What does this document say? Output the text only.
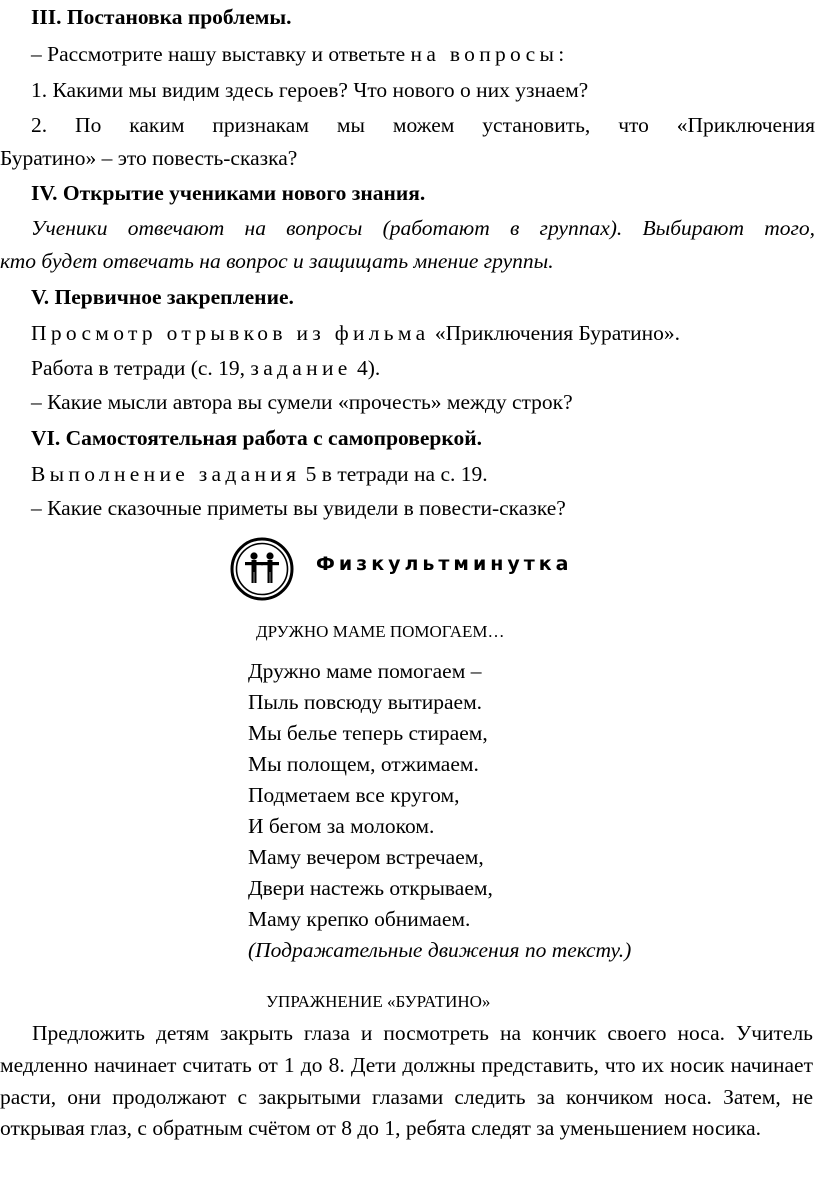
III. Постановка проблемы.
– Рассмотрите нашу выставку и ответьте на вопросы:
1. Какими мы видим здесь героев? Что нового о них узнаем?
2. По каким признакам мы можем установить, что «Приключения
Буратино» – это повесть-сказка?
IV. Открытие учениками нового знания.
Ученики отвечают на вопросы (работают в группах). Выбирают того,
кто будет отвечать на вопрос и защищать мнение группы.
V. Первичное закрепление.
Просмотр отрывков из фильма «Приключения Буратино».
Работа в тетради (с. 19, задание 4).
– Какие мысли автора вы сумели «прочесть» между строк?
VI. Самостоятельная работа с самопроверкой.
Выполнение задания 5 в тетради на с. 19.
– Какие сказочные приметы вы увидели в повести-сказке?
Физкультминутка
ДРУЖНО МАМЕ ПОМОГАЕМ…
Дружно маме помогаем –
Пыль повсюду вытираем.
Мы белье теперь стираем,
Мы полощем, отжимаем.
Подметаем все кругом,
И бегом за молоком.
Маму вечером встречаем,
Двери настежь открываем,
Маму крепко обнимаем.
(Подражательные движения по тексту.)
УПРАЖНЕНИЕ «БУРАТИНО»
Предложить детям закрыть глаза и посмотреть на кончик своего носа. Учитель медленно начинает считать от 1 до 8. Дети должны представить, что их носик начинает расти, они продолжают с закрытыми глазами следить за кончиком носа. Затем, не открывая глаз, с обратным счётом от 8 до 1, ребята следят за уменьшением носика.
